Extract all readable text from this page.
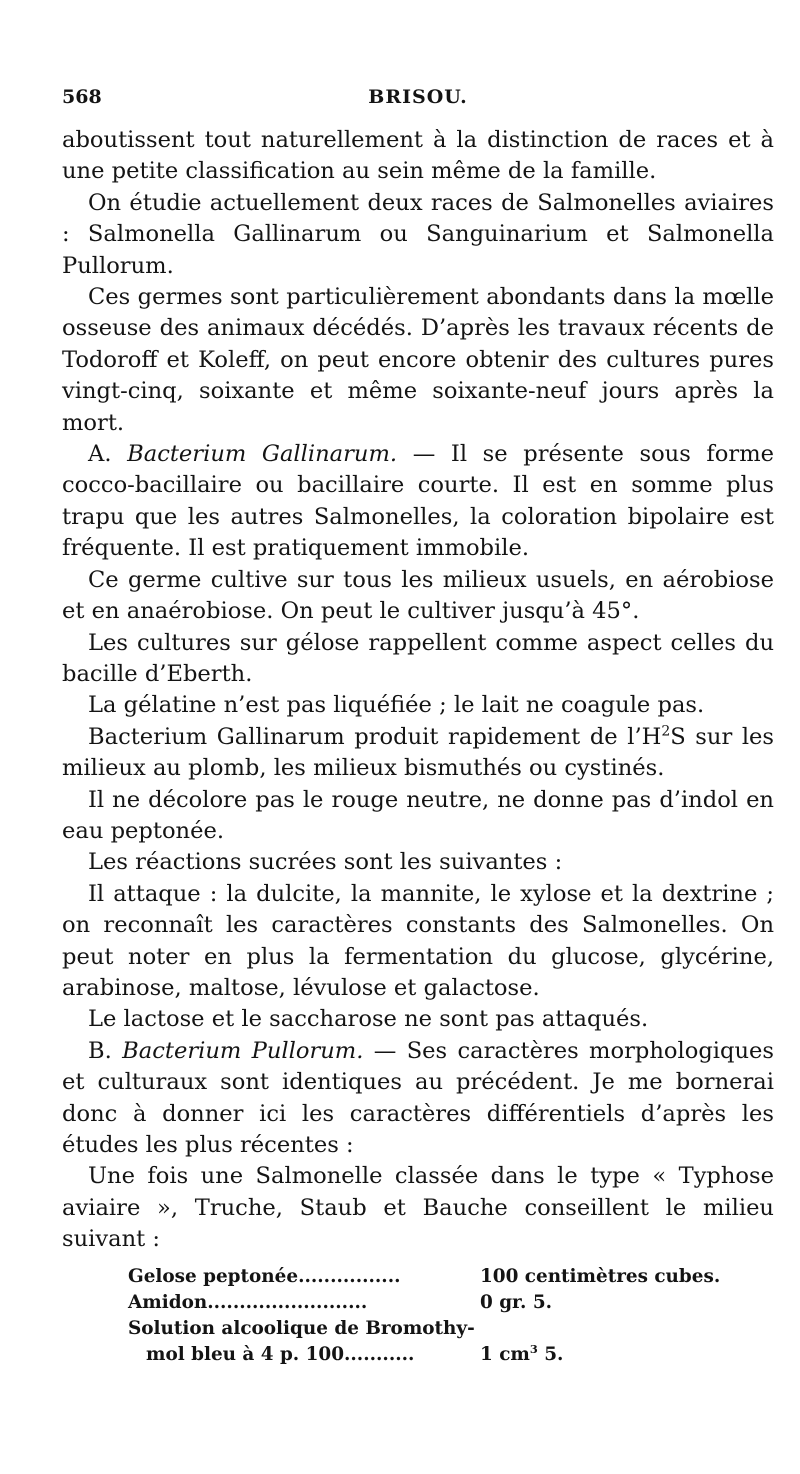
568	BRISOU.

aboutissent tout naturellement à la distinction de races et à une petite classification au sein même de la famille.

On étudie actuellement deux races de Salmonelles aviaires : Salmonella Gallinarum ou Sanguinarium et Salmonella Pullorum.

Ces germes sont particulièrement abondants dans la mœlle osseuse des animaux décédés. D’après les travaux récents de Todoroff et Koleff, on peut encore obtenir des cultures pures vingt-cinq, soixante et même soixante-neuf jours après la mort.

A. Bacterium Gallinarum. — Il se présente sous forme cocco-bacillaire ou bacillaire courte. Il est en somme plus trapu que les autres Salmonelles, la coloration bipolaire est fréquente. Il est pratiquement immobile.

Ce germe cultive sur tous les milieux usuels, en aérobiose et en anaérobiose. On peut le cultiver jusqu’à 45°.

Les cultures sur gélose rappellent comme aspect celles du bacille d’Eberth.

La gélatine n’est pas liquéfiée ; le lait ne coagule pas.

Bacterium Gallinarum produit rapidement de $l’H^2S$ sur les milieux au plomb, les milieux bismuthés ou cystinés.

Il ne décolore pas le rouge neutre, ne donne pas d’indol en eau peptonée.

Les réactions sucrées sont les suivantes :

Il attaque : la dulcite, la mannite, le xylose et la dextrine ; on reconnaît les caractères constants des Salmonelles. On peut noter en plus la fermentation du glucose, glycérine, arabinose, maltose, lévulose et galactose.

Le lactose et le saccharose ne sont pas attaqués.

B. Bacterium Pullorum. — Ses caractères morphologiques et culturaux sont identiques au précédent. Je me bornerai donc à donner ici les caractères différentiels d’après les études les plus récentes :

Une fois une Salmonelle classée dans le type « Typhose aviaire », Truche, Staub et Bauche conseillent le milieu suivant :

Gelose peptonée................	100 centimètres cubes.
Amidon.........................	0 gr. 5.
Solution alcoolique de Bromothy-
mol bleu à 4 p. 100...........	1 $cm^3$ 5.
